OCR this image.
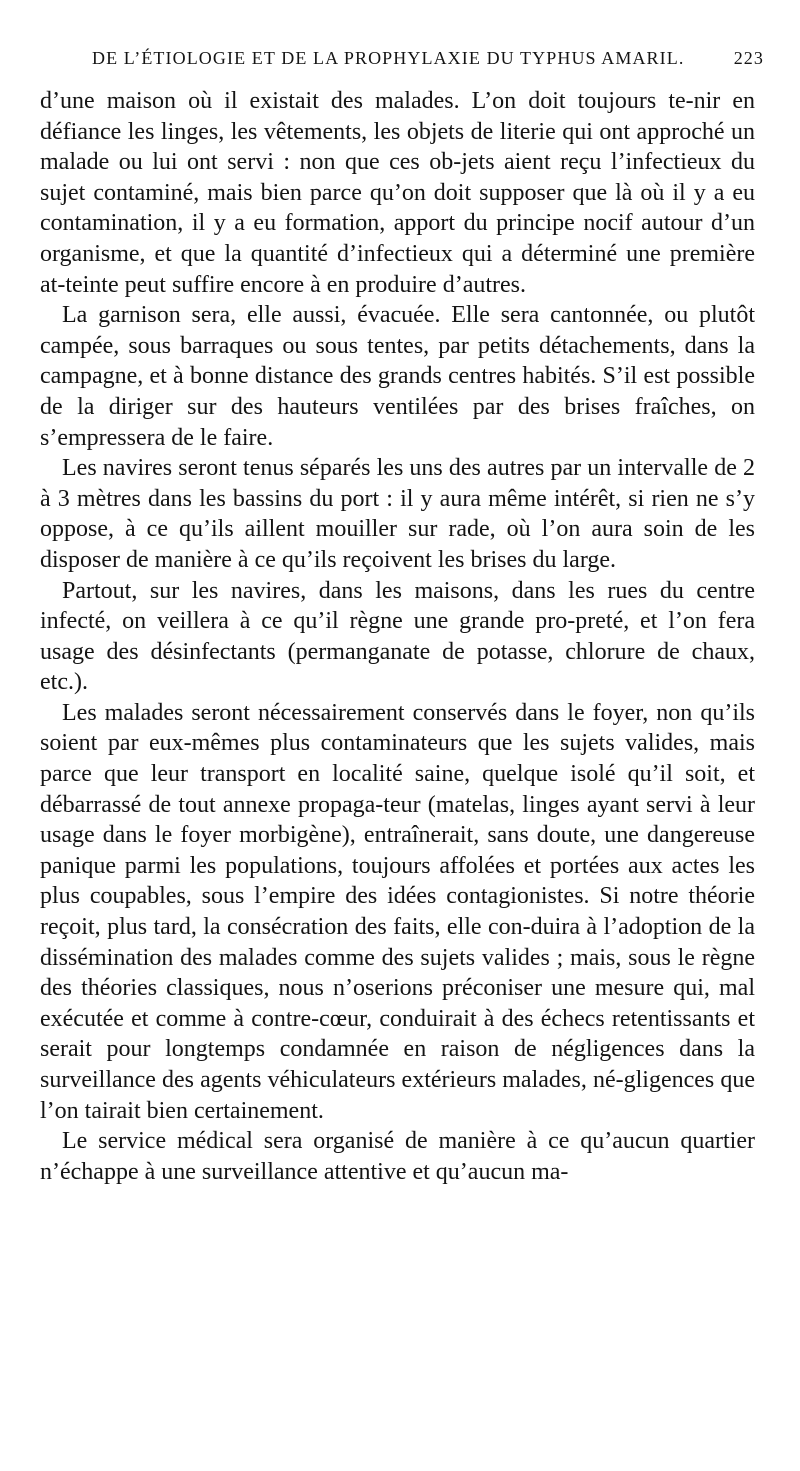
DE L’ÉTIOLOGIE ET DE LA PROPHYLAXIE DU TYPHUS AMARIL.	223

d’une maison où il existait des malades. L’on doit toujours te-nir en défiance les linges, les vêtements, les objets de literie qui ont approché un malade ou lui ont servi : non que ces ob-jets aient reçu l’infectieux du sujet contaminé, mais bien parce qu’on doit supposer que là où il y a eu contamination, il y a eu formation, apport du principe nocif autour d’un organisme, et que la quantité d’infectieux qui a déterminé une première at-teinte peut suffire encore à en produire d’autres.

La garnison sera, elle aussi, évacuée. Elle sera cantonnée, ou plutôt campée, sous barraques ou sous tentes, par petits détachements, dans la campagne, et à bonne distance des grands centres habités. S’il est possible de la diriger sur des hauteurs ventilées par des brises fraîches, on s’empressera de le faire.

Les navires seront tenus séparés les uns des autres par un intervalle de 2 à 3 mètres dans les bassins du port : il y aura même intérêt, si rien ne s’y oppose, à ce qu’ils aillent mouiller sur rade, où l’on aura soin de les disposer de manière à ce qu’ils reçoivent les brises du large.

Partout, sur les navires, dans les maisons, dans les rues du centre infecté, on veillera à ce qu’il règne une grande pro-preté, et l’on fera usage des désinfectants (permanganate de potasse, chlorure de chaux, etc.).

Les malades seront nécessairement conservés dans le foyer, non qu’ils soient par eux-mêmes plus contaminateurs que les sujets valides, mais parce que leur transport en localité saine, quelque isolé qu’il soit, et débarrassé de tout annexe propaga-teur (matelas, linges ayant servi à leur usage dans le foyer morbigène), entraînerait, sans doute, une dangereuse panique parmi les populations, toujours affolées et portées aux actes les plus coupables, sous l’empire des idées contagionistes. Si notre théorie reçoit, plus tard, la consécration des faits, elle con-duira à l’adoption de la dissémination des malades comme des sujets valides ; mais, sous le règne des théories classiques, nous n’oserions préconiser une mesure qui, mal exécutée et comme à contre-cœur, conduirait à des échecs retentissants et serait pour longtemps condamnée en raison de négligences dans la surveillance des agents véhiculateurs extérieurs malades, né-gligences que l’on tairait bien certainement.

Le service médical sera organisé de manière à ce qu’aucun quartier n’échappe à une surveillance attentive et qu’aucun ma-
